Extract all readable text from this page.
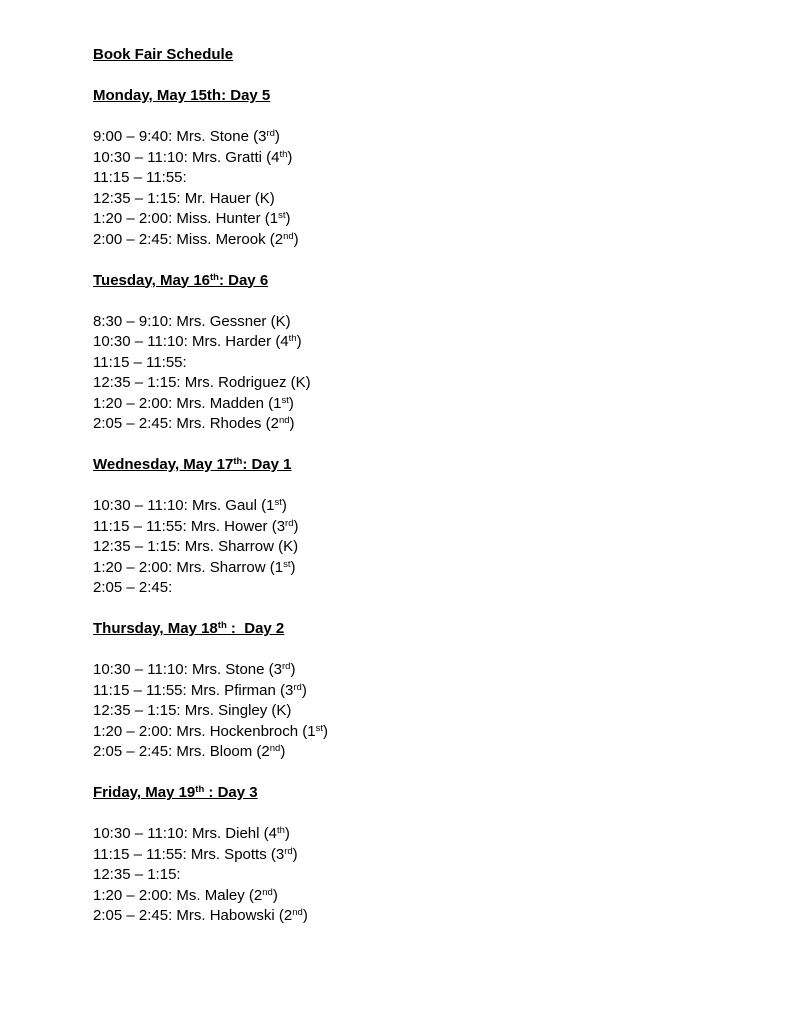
Book Fair Schedule
Monday, May 15th: Day 5
9:00 – 9:40: Mrs. Stone (3rd)
10:30 – 11:10: Mrs. Gratti (4th)
11:15 – 11:55:
12:35 – 1:15: Mr. Hauer (K)
1:20 – 2:00: Miss. Hunter (1st)
2:00 – 2:45: Miss. Merook (2nd)
Tuesday, May 16th: Day 6
8:30 – 9:10: Mrs. Gessner (K)
10:30 – 11:10: Mrs. Harder (4th)
11:15 – 11:55:
12:35 – 1:15: Mrs. Rodriguez (K)
1:20 – 2:00: Mrs. Madden (1st)
2:05 – 2:45: Mrs. Rhodes (2nd)
Wednesday, May 17th: Day 1
10:30 – 11:10: Mrs. Gaul (1st)
11:15 – 11:55: Mrs. Hower (3rd)
12:35 – 1:15: Mrs. Sharrow (K)
1:20 – 2:00: Mrs. Sharrow (1st)
2:05 – 2:45:
Thursday, May 18th :  Day 2
10:30 – 11:10: Mrs. Stone (3rd)
11:15 – 11:55: Mrs. Pfirman (3rd)
12:35 – 1:15: Mrs. Singley (K)
1:20 – 2:00: Mrs. Hockenbroch (1st)
2:05 – 2:45: Mrs. Bloom (2nd)
Friday, May 19th : Day 3
10:30 – 11:10: Mrs. Diehl (4th)
11:15 – 11:55: Mrs. Spotts (3rd)
12:35 – 1:15:
1:20 – 2:00: Ms. Maley (2nd)
2:05 – 2:45: Mrs. Habowski (2nd)
